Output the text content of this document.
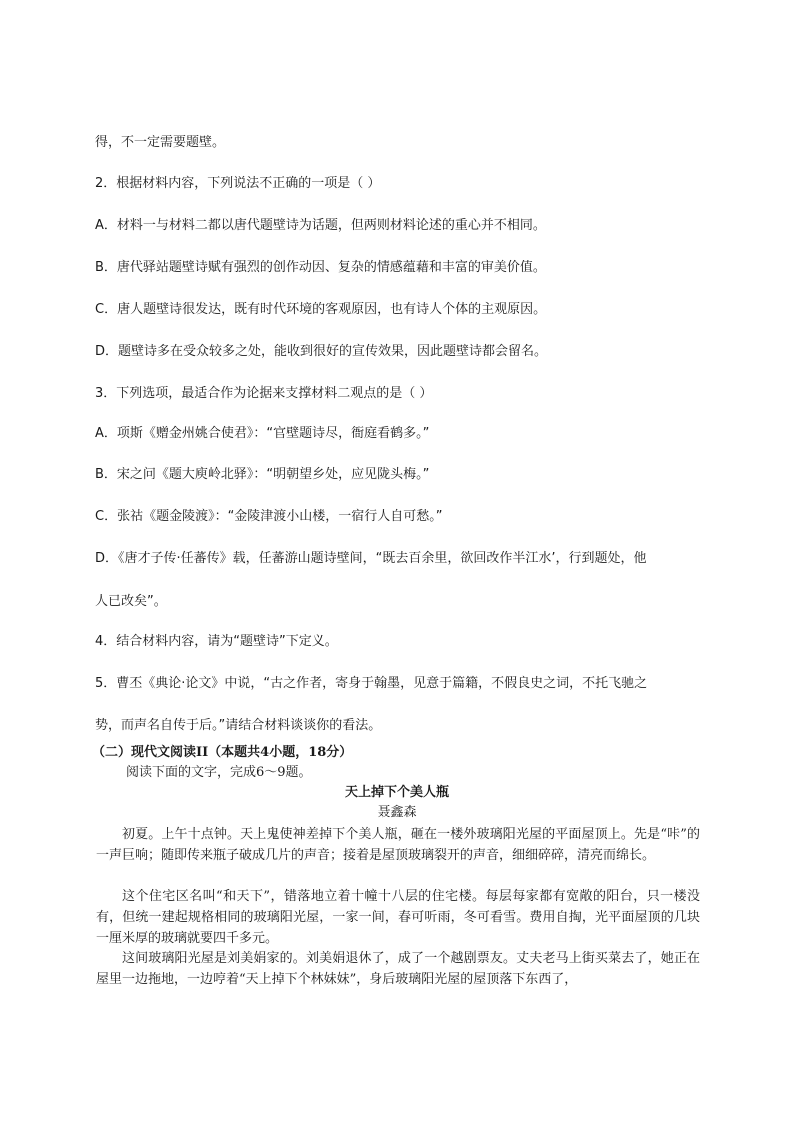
得，不一定需要题壁。
2．根据材料内容，下列说法不正确的一项是（ ）
A．材料一与材料二都以唐代题壁诗为话题，但两则材料论述的重心并不相同。
B．唐代驿站题壁诗赋有强烈的创作动因、复杂的情感蕴藉和丰富的审美价值。
C．唐人题壁诗很发达，既有时代环境的客观原因，也有诗人个体的主观原因。
D．题壁诗多在受众较多之处，能收到很好的宣传效果，因此题壁诗都会留名。
3．下列选项，最适合作为论据来支撑材料二观点的是（ ）
A．项斯《赠金州姚合使君》：“官壁题诗尽，衙庭看鹤多。”
B．宋之问《题大庾岭北驿》：“明朝望乡处，应见陇头梅。”
C．张祜《题金陵渡》：“金陵津渡小山楼，一宿行人自可愁。”
D．《唐才子传·任蕃传》载，任蕃游山题诗壁间，“既去百余里，欲回改作半江水’，行到题处，他
人已改矣”。
4．结合材料内容，请为“题壁诗”下定义。
5．曹丕《典论·论文》中说，“古之作者，寄身于翰墨，见意于篇籍，不假良史之词，不托飞驰之
势，而声名自传于后。”请结合材料谈谈你的看法。
（二）现代文阅读II（本题共4小题，18分）
阅读下面的文字，完成6～9题。
天上掉下个美人瓶
聂鑫森
初夏。上午十点钟。天上鬼使神差掉下个美人瓶，砸在一楼外玻璃阳光屋的平面屋顶上。先是“咔”的一声巨响；随即传来瓶子破成几片的声音；接着是屋顶玻璃裂开的声音，细细碎碎，清亮而绵长。
这个住宅区名叫“和天下”，错落地立着十幢十八层的住宅楼。每层每家都有宽敞的阳台，只一楼没有，但统一建起规格相同的玻璃阳光屋，一家一间，春可听雨，冬可看雪。费用自掏，光平面屋顶的几块一厘米厚的玻璃就要四千多元。
这间玻璃阳光屋是刘美娟家的。刘美娟退休了，成了一个越剧票友。丈夫老马上街买菜去了，她正在屋里一边拖地，一边哼着“天上掉下个林妹妹”，身后玻璃阳光屋的屋顶落下东西了，
